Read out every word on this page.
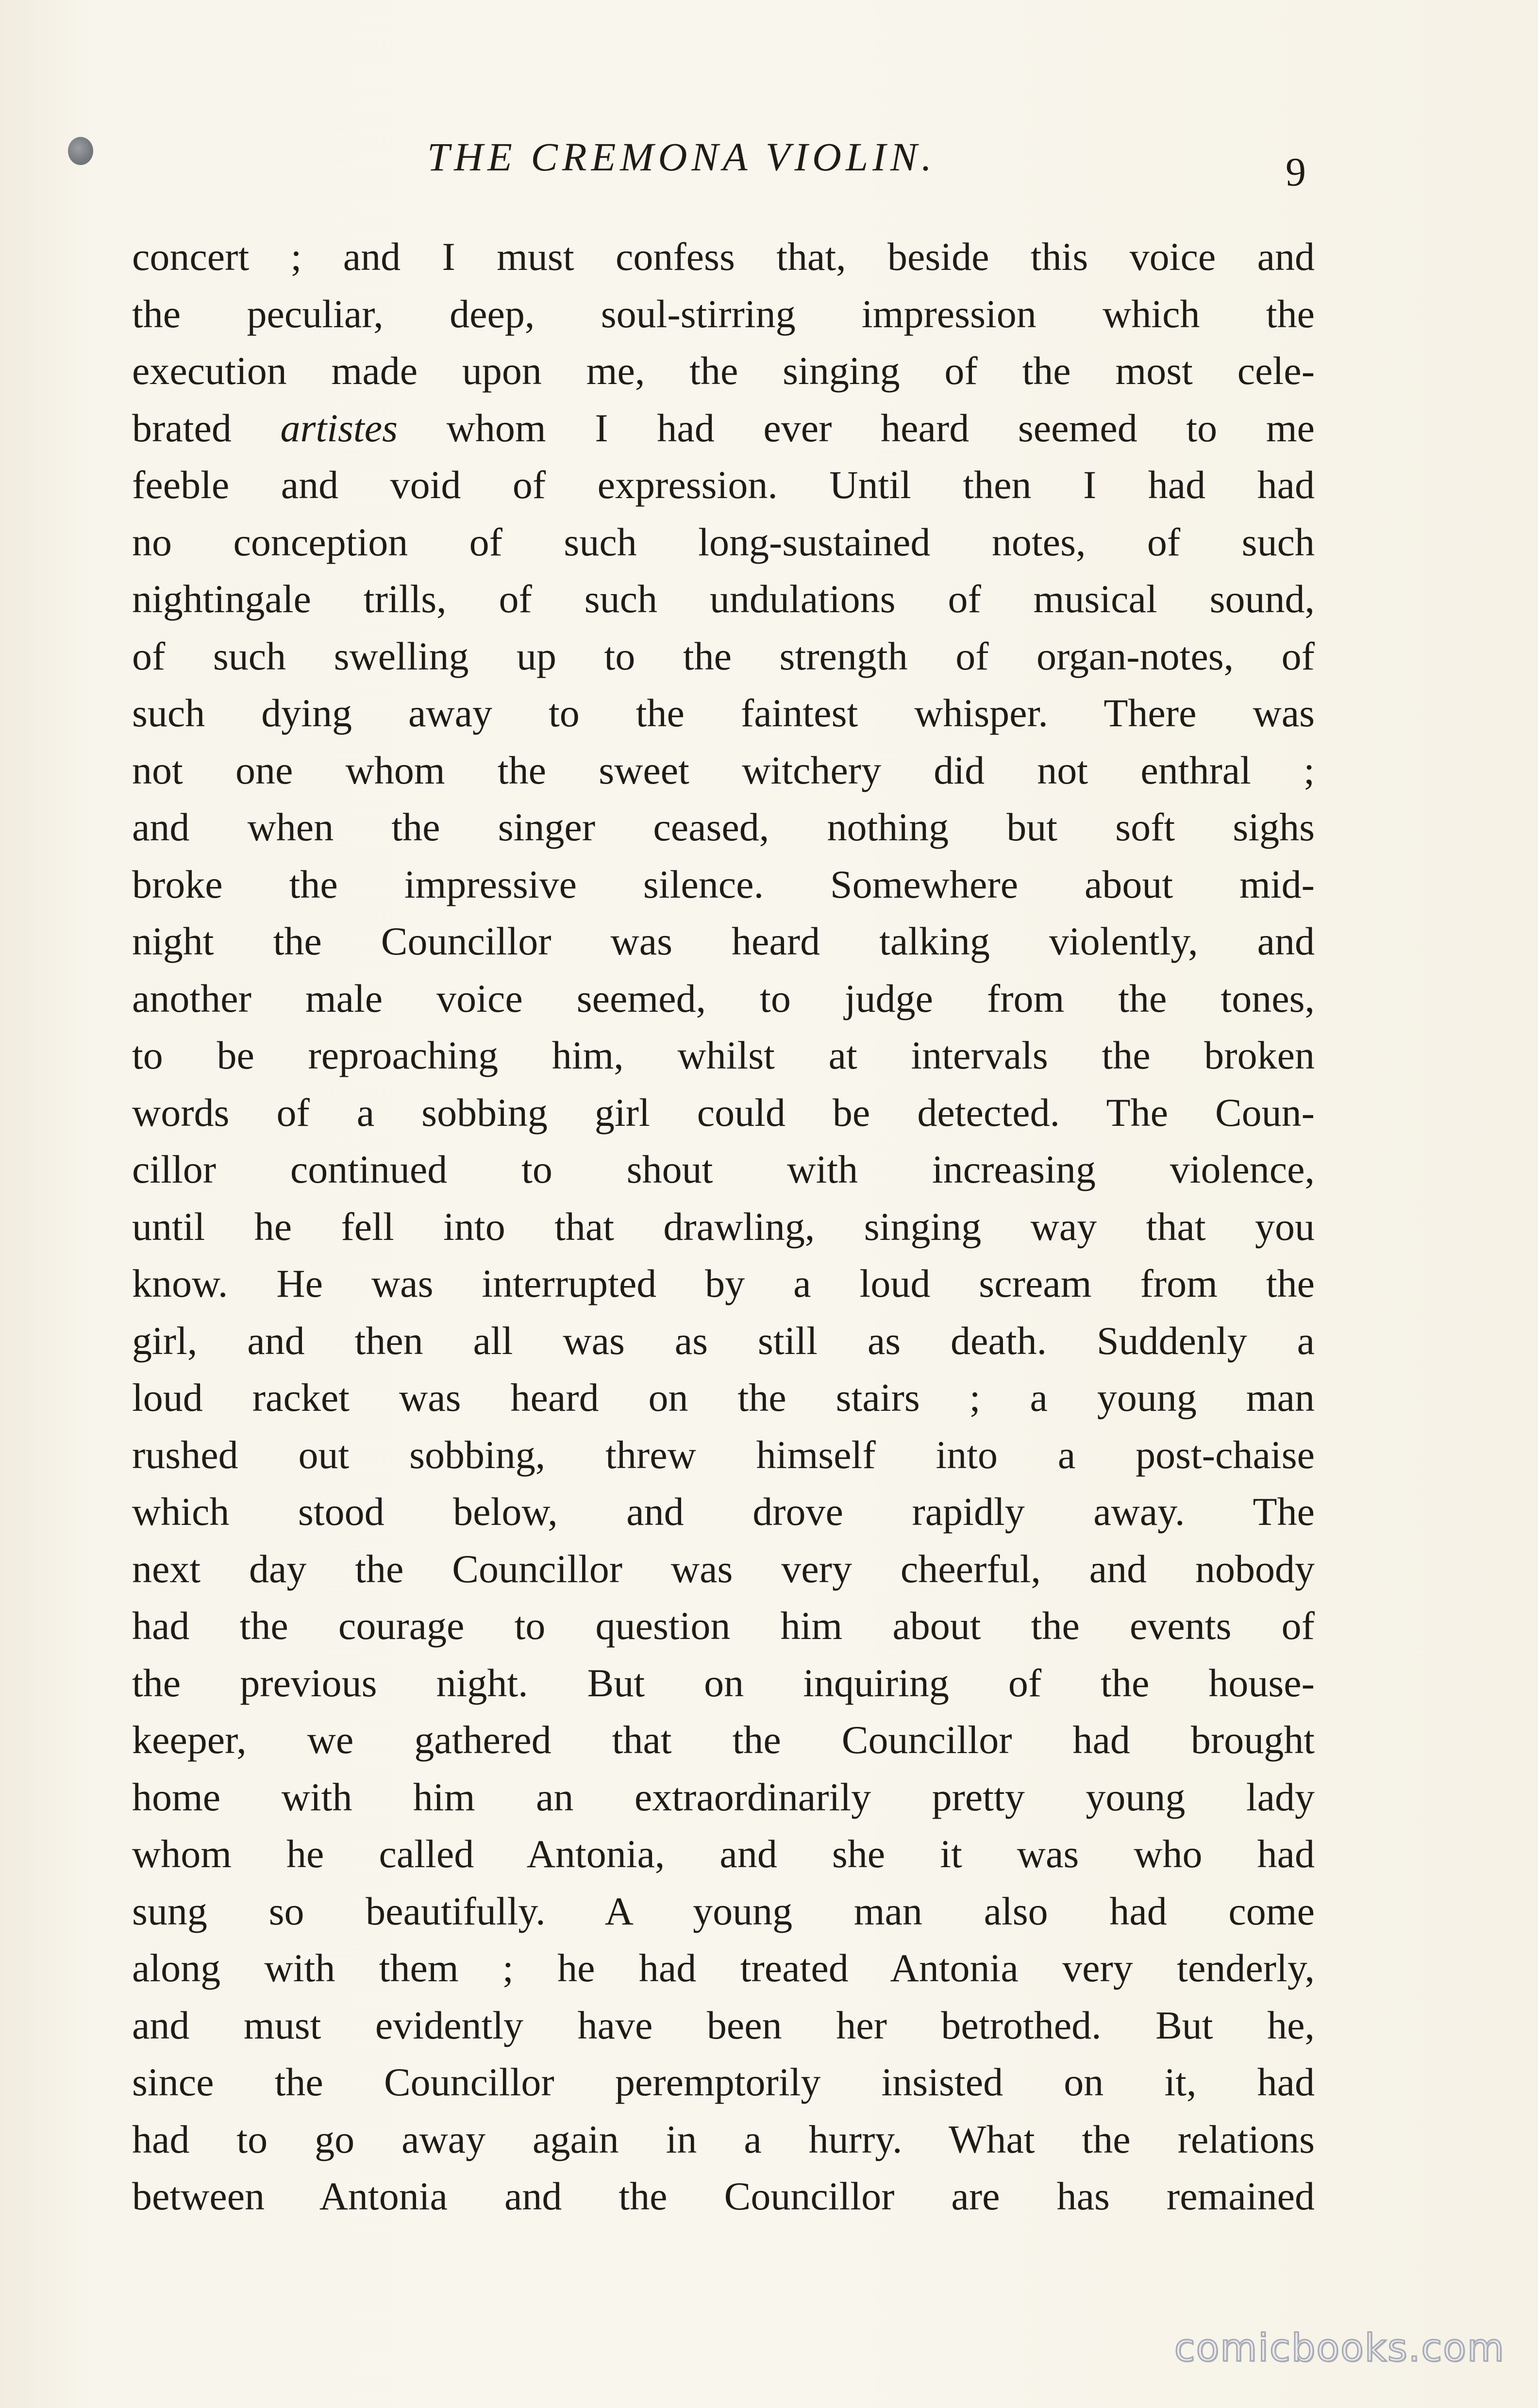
THE CREMONA VIOLIN.	9
concert ; and I must confess that, beside this voice and
the peculiar, deep, soul-stirring impression which the
execution made upon me, the singing of the most cele-
brated artistes whom I had ever heard seemed to me
feeble and void of expression. Until then I had had
no conception of such long-sustained notes, of such
nightingale trills, of such undulations of musical sound,
of such swelling up to the strength of organ-notes, of
such dying away to the faintest whisper. There was
not one whom the sweet witchery did not enthral ;
and when the singer ceased, nothing but soft sighs
broke the impressive silence. Somewhere about mid-
night the Councillor was heard talking violently, and
another male voice seemed, to judge from the tones,
to be reproaching him, whilst at intervals the broken
words of a sobbing girl could be detected. The Coun-
cillor continued to shout with increasing violence,
until he fell into that drawling, singing way that you
know. He was interrupted by a loud scream from the
girl, and then all was as still as death. Suddenly a
loud racket was heard on the stairs ; a young man
rushed out sobbing, threw himself into a post-chaise
which stood below, and drove rapidly away. The
next day the Councillor was very cheerful, and nobody
had the courage to question him about the events of
the previous night. But on inquiring of the house-
keeper, we gathered that the Councillor had brought
home with him an extraordinarily pretty young lady
whom he called Antonia, and she it was who had
sung so beautifully. A young man also had come
along with them ; he had treated Antonia very tenderly,
and must evidently have been her betrothed. But he,
since the Councillor peremptorily insisted on it, had
had to go away again in a hurry. What the relations
between Antonia and the Councillor are has remained
comicbooks.com
